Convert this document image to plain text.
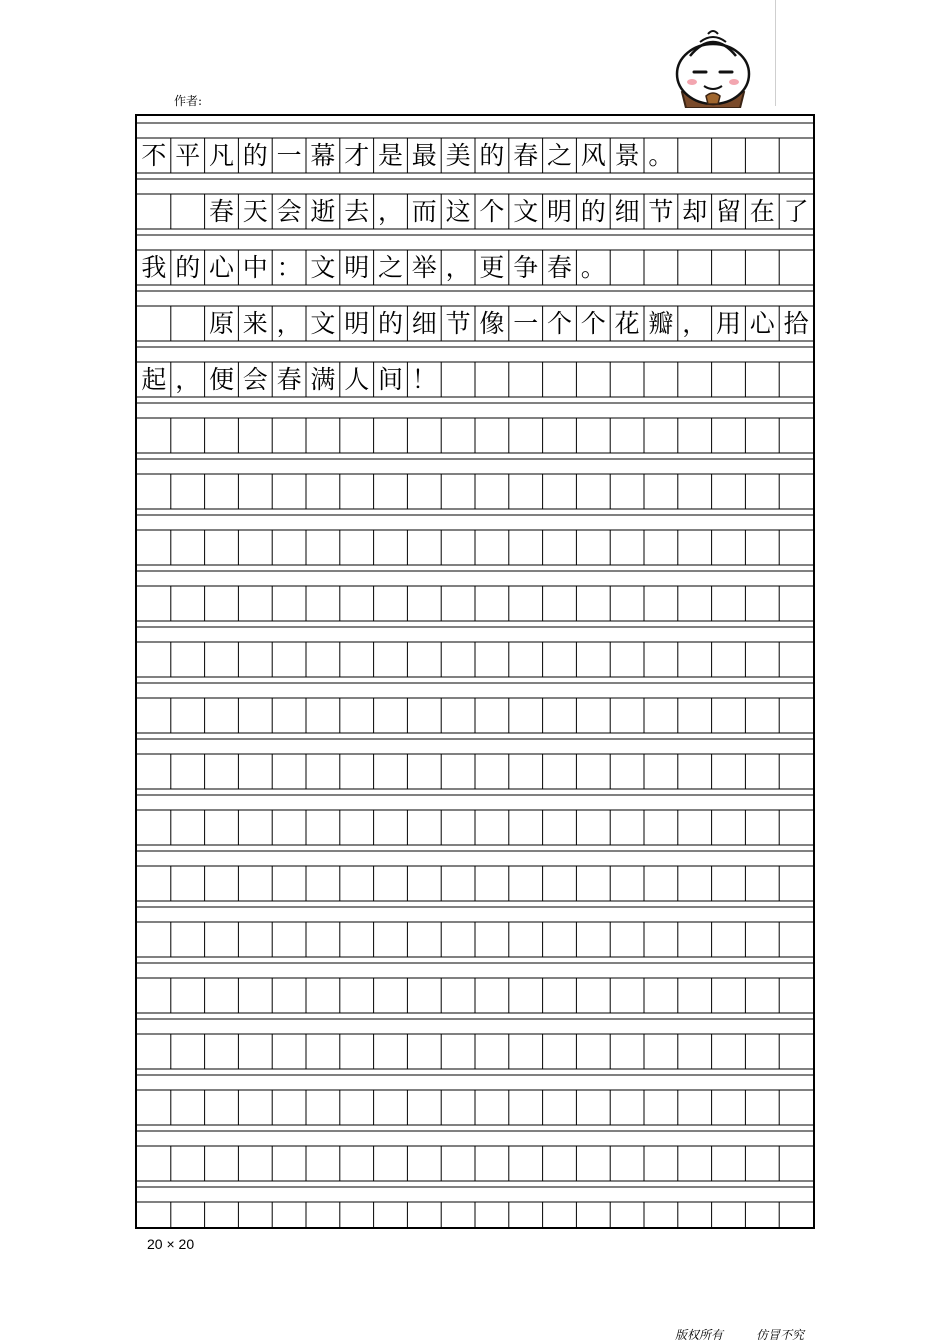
作者:
不 平 凡 的 一 幕 才 是 最 美 的 春 之 风 景 。
春 天 会 逝 去 ， 而 这 个 文 明 的 细 节 却 留 在 了
我 的 心 中 ： 文 明 之 举 ， 更 争 春 。
原 来 ， 文 明 的 细 节 像 一 个 个 花 瓣 ， 用 心 拾
起 ， 便 会 春 满 人 间 ！
20 × 20
版权所有	仿冒不究
